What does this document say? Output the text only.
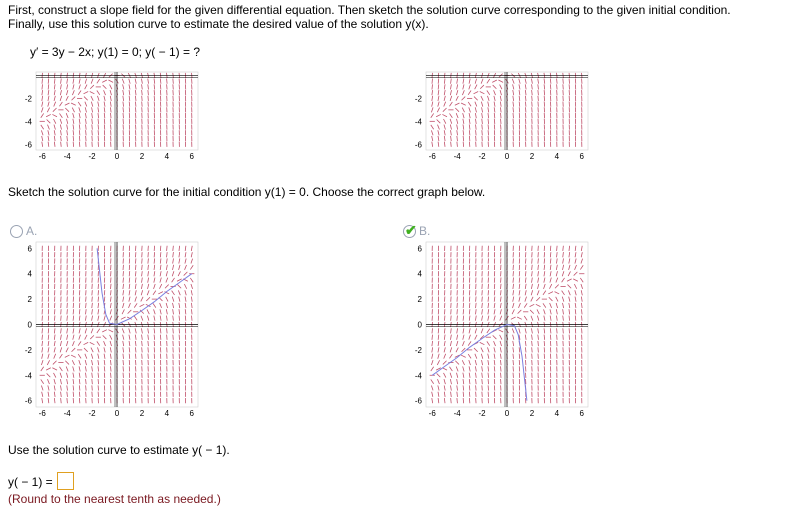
First, construct a slope field for the given differential equation. Then sketch the solution curve corresponding to the given initial condition.
Finally, use this solution curve to estimate the desired value of the solution y(x).
y′ = 3y − 2x; y(1) = 0; y( − 1) = ?
-6 -4 -2 0	2	4	6
-2
-4
-6
-6 -4 -2 0	2	4	6
-2
-4
-6
Sketch the solution curve for the initial condition y(1) = 0. Choose the correct graph below.
A.	✔ B.
-6 -4 -2 0	2	4	6
6
4
2
0
-2
-4
-6
-6 -4 -2 0	2	4	6
6
4
2
0
-2
-4
-6
Use the solution curve to estimate y( − 1).
y( − 1) =
(Round to the nearest tenth as needed.)
